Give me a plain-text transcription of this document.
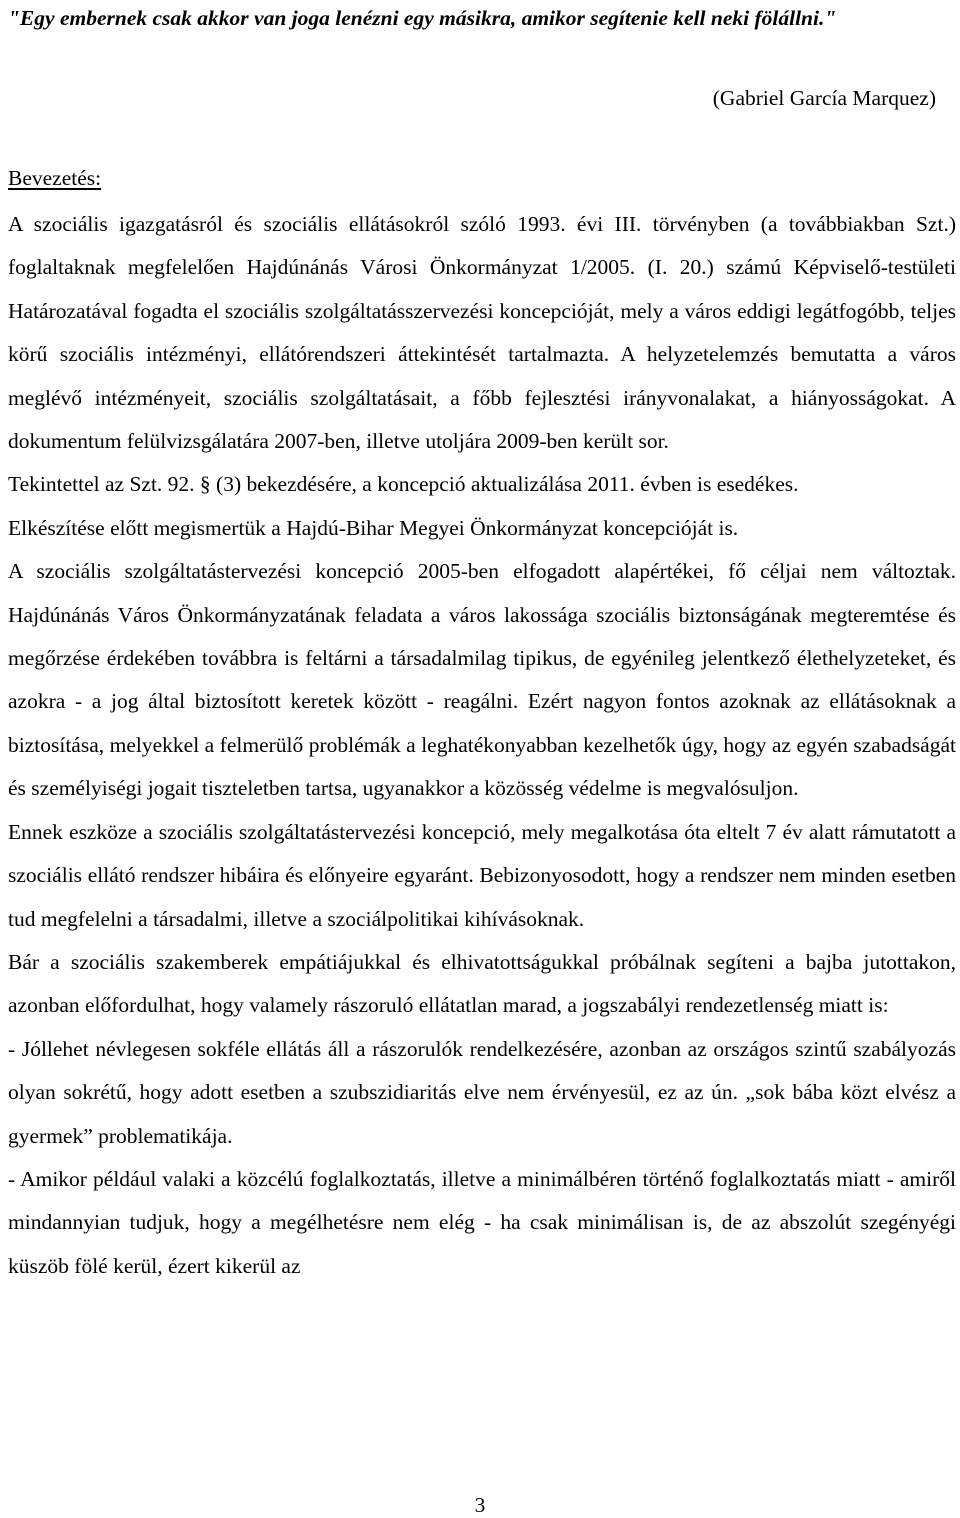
"Egy embernek csak akkor van joga lenézni egy másikra, amikor segítenie kell neki fölállni."
(Gabriel García Marquez)
Bevezetés:

A szociális igazgatásról és szociális ellátásokról szóló 1993. évi III. törvényben (a továbbiakban Szt.) foglaltaknak megfelelően Hajdúnánás Városi Önkormányzat 1/2005. (I. 20.) számú Képviselő-testületi Határozatával fogadta el szociális szolgáltatásszervezési koncepcióját, mely a város eddigi legátfogóbb, teljes körű szociális intézményi, ellátórendszeri áttekintését tartalmazta. A helyzetelemzés bemutatta a város meglévő intézményeit, szociális szolgáltatásait, a főbb fejlesztési irányvonalakat, a hiányosságokat. A dokumentum felülvizsgálatára 2007-ben, illetve utoljára 2009-ben került sor.

Tekintettel az Szt. 92. § (3) bekezdésére, a koncepció aktualizálása 2011. évben is esedékes.

Elkészítése előtt megismertük a Hajdú-Bihar Megyei Önkormányzat koncepcióját is.

A szociális szolgáltatástervezési koncepció 2005-ben elfogadott alapértékei, fő céljai nem változtak. Hajdúnánás Város Önkormányzatának feladata a város lakossága szociális biztonságának megteremtése és megőrzése érdekében továbbra is feltárni a társadalmilag tipikus, de egyénileg jelentkező élethelyzeteket, és azokra - a jog által biztosított keretek között - reagálni. Ezért nagyon fontos azoknak az ellátásoknak a biztosítása, melyekkel a felmerülő problémák a leghatékonyabban kezelhetők úgy, hogy az egyén szabadságát és személyiségi jogait tiszteletben tartsa, ugyanakkor a közösség védelme is megvalósuljon.

Ennek eszköze a szociális szolgáltatástervezési koncepció, mely megalkotása óta eltelt 7 év alatt rámutatott a szociális ellátó rendszer hibáira és előnyeire egyaránt. Bebizonyosodott, hogy a rendszer nem minden esetben tud megfelelni a társadalmi, illetve a szociálpolitikai kihívásoknak.

Bár a szociális szakemberek empátiájukkal és elhivatottságukkal próbálnak segíteni a bajba jutottakon, azonban előfordulhat, hogy valamely rászoruló ellátatlan marad, a jogszabályi rendezetlenség miatt is:

- Jóllehet névlegesen sokféle ellátás áll a rászorulók rendelkezésére, azonban az országos szintű szabályozás olyan sokrétű, hogy adott esetben a szubszidiaritás elve nem érvényesül, ez az ún. „sok bába közt elvész a gyermek” problematikája.

- Amikor például valaki a közcélú foglalkoztatás, illetve a minimálbéren történő foglalkoztatás miatt - amiről mindannyian tudjuk, hogy a megélhetésre nem elég - ha csak minimálisan is, de az abszolút szegényégi küszöb fölé kerül, ézert kikerül az

3
